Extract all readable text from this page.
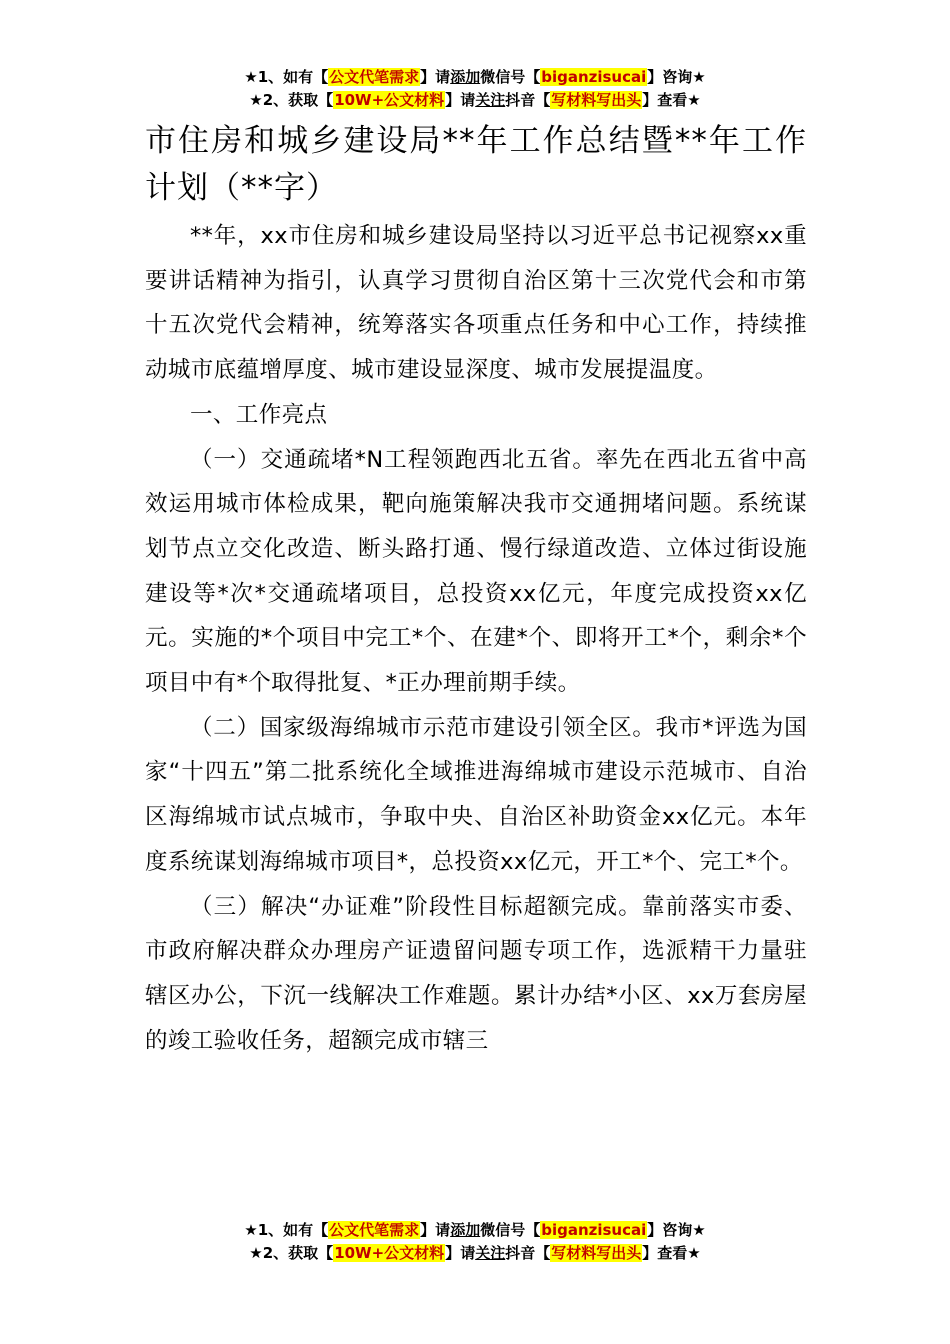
★1、如有【公文代笔需求】请添加微信号【biganzisucai】咨询★
★2、获取【10W+公文材料】请关注抖音【写材料写出头】查看★
市住房和城乡建设局**年工作总结暨**年工作计划（**字）

**年，xx市住房和城乡建设局坚持以习近平总书记视察xx重要讲话精神为指引，认真学习贯彻自治区第十三次党代会和市第十五次党代会精神，统筹落实各项重点任务和中心工作，持续推动城市底蕴增厚度、城市建设显深度、城市发展提温度。

一、工作亮点

（一）交通疏堵*N工程领跑西北五省。率先在西北五省中高效运用城市体检成果，靶向施策解决我市交通拥堵问题。系统谋划节点立交化改造、断头路打通、慢行绿道改造、立体过街设施建设等*次*交通疏堵项目，总投资xx亿元，年度完成投资xx亿元。实施的*个项目中完工*个、在建*个、即将开工*个，剩余*个项目中有*个取得批复、*正办理前期手续。

（二）国家级海绵城市示范市建设引领全区。我市*评选为国家“十四五”第二批系统化全域推进海绵城市建设示范城市、自治区海绵城市试点城市，争取中央、自治区补助资金xx亿元。本年度系统谋划海绵城市项目*，总投资xx亿元，开工*个、完工*个。

（三）解决“办证难”阶段性目标超额完成。靠前落实市委、市政府解决群众办理房产证遗留问题专项工作，选派精干力量驻辖区办公，下沉一线解决工作难题。累计办结*小区、xx万套房屋的竣工验收任务，超额完成市辖三

★1、如有【公文代笔需求】请添加微信号【biganzisucai】咨询★
★2、获取【10W+公文材料】请关注抖音【写材料写出头】查看★
